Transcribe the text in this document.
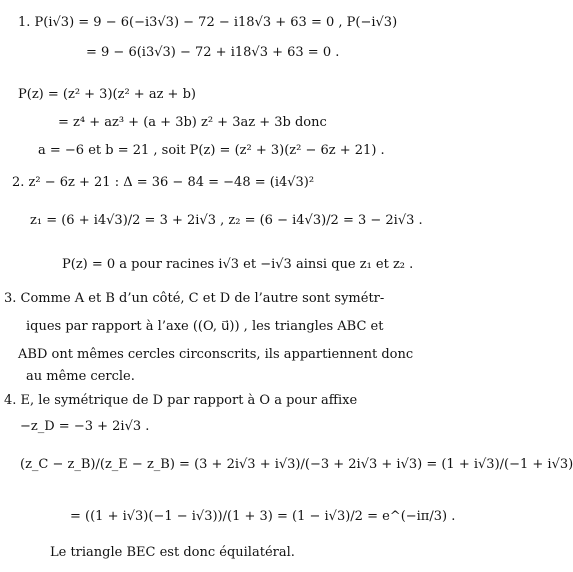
1. P(i√3) = 9 − 6(−i3√3) − 72 − i18√3 + 63 = 0 , P(−i√3)
= 9 − 6(i3√3) − 72 + i18√3 + 63 = 0 .
P(z) = (z² + 3)(z² + az + b)
= z⁴ + az³ + (a + 3b) z² + 3az + 3b donc
a = −6 et b = 21 , soit P(z) = (z² + 3)(z² − 6z + 21) .
2. z² − 6z + 21 : Δ = 36 − 84 = −48 = (i4√3)²
z₁ = (6 + i4√3)/2 = 3 + 2i√3 , z₂ = (6 − i4√3)/2 = 3 − 2i√3 .
P(z) = 0 a pour racines i√3 et −i√3 ainsi que z₁ et z₂ .
3. Comme A et B d’un côté, C et D de l’autre sont symétr-
iques par rapport à l’axe ((O, u⃗)) , les triangles ABC et
ABD ont mêmes cercles circonscrits, ils appartiennent donc
au même cercle.
4. E, le symétrique de D par rapport à O a pour affixe
−z_D = −3 + 2i√3 .
(z_C − z_B)/(z_E − z_B) = (3 + 2i√3 + i√3)/(−3 + 2i√3 + i√3) = (1 + i√3)/(−1 + i√3)
= ((1 + i√3)(−1 − i√3))/(1 + 3) = (1 − i√3)/2 = e^(−iπ/3) .
Le triangle BEC est donc équilatéral.
